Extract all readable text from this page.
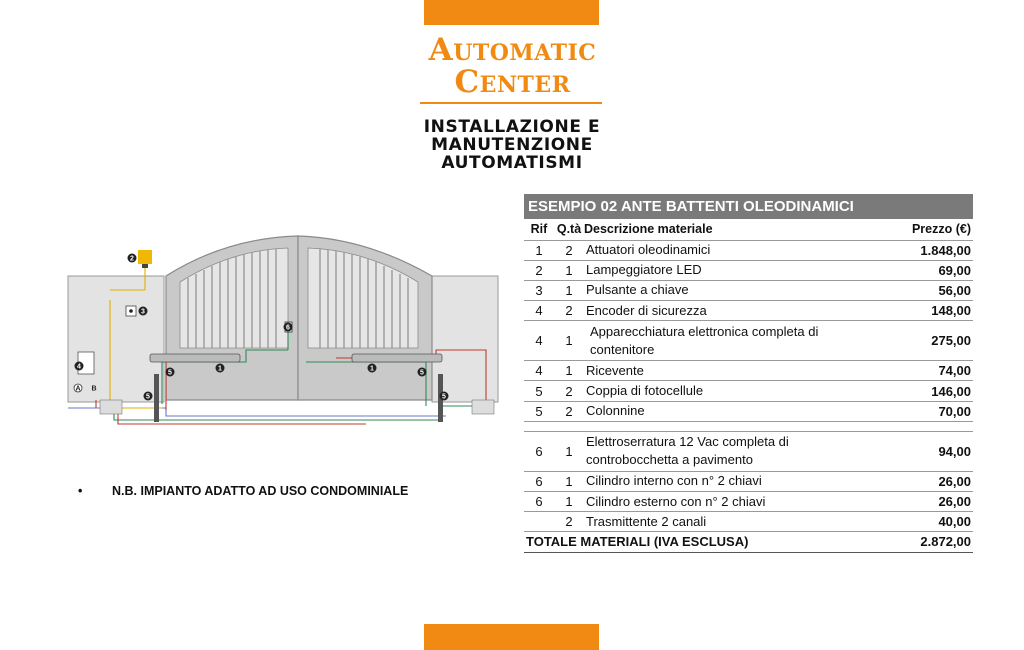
Automatic
Center
INSTALLAZIONE E
MANUTENZIONE
AUTOMATISMI
2
3
4	1	1
5	5
5	5
6
A B
ESEMPIO 02 ANTE BATTENTI OLEODINAMICI
Rif	Q.tà	Descrizione materiale	Prezzo (€)
1	2	Attuatori oleodinamici	1.848,00
2	1	Lampeggiatore LED	69,00
3	1	Pulsante a chiave	56,00
4	2	Encoder di sicurezza	148,00
4	1	Apparecchiatura elettronica completa di contenitore	275,00
4	1	Ricevente	74,00
5	2	Coppia di fotocellule	146,00
5	2	Colonnine	70,00

6	1	Elettroserratura 12 Vac completa di controbocchetta a pavimento	94,00
6	1	Cilindro interno con n° 2 chiavi	26,00
6	1	Cilindro esterno con n° 2 chiavi	26,00
	2	Trasmittente 2 canali	40,00
TOTALE MATERIALI (IVA ESCLUSA)			2.872,00
• N.B. IMPIANTO ADATTO AD USO CONDOMINIALE
